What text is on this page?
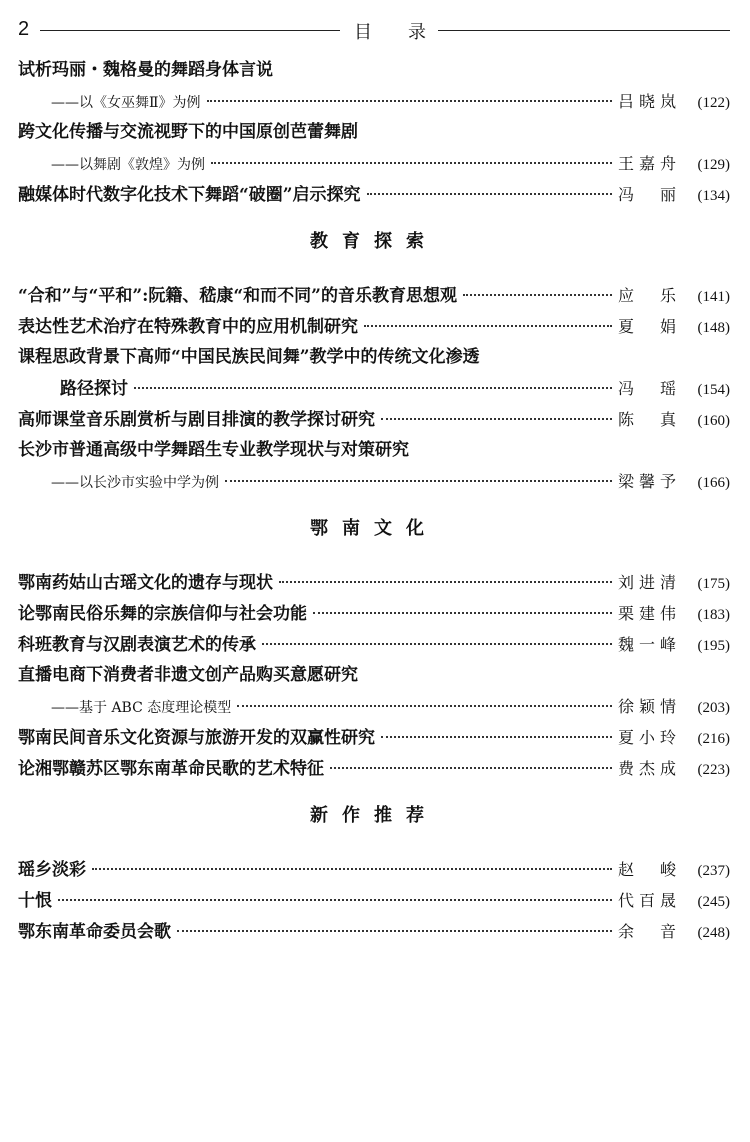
2	目 录
试析玛丽・魏格曼的舞蹈身体言说
——以《女巫舞Ⅱ》为例	吕晓岚	(122)
跨文化传播与交流视野下的中国原创芭蕾舞剧
——以舞剧《敦煌》为例	王嘉舟	(129)
融媒体时代数字化技术下舞蹈“破圈”启示探究	冯　丽	(134)
教育探索
“合和”与“平和”:阮籍、嵇康“和而不同”的音乐教育思想观	应　乐	(141)
表达性艺术治疗在特殊教育中的应用机制研究	夏　娟	(148)
课程思政背景下高师“中国民族民间舞”教学中的传统文化渗透
路径探讨	冯　瑶	(154)
高师课堂音乐剧赏析与剧目排演的教学探讨研究	陈　真	(160)
长沙市普通高级中学舞蹈生专业教学现状与对策研究
——以长沙市实验中学为例	梁馨予	(166)
鄂南文化
鄂南药姑山古瑶文化的遗存与现状	刘进清	(175)
论鄂南民俗乐舞的宗族信仰与社会功能	栗建伟	(183)
科班教育与汉剧表演艺术的传承	魏一峰	(195)
直播电商下消费者非遗文创产品购买意愿研究
——基于 ABC 态度理论模型	徐颖情	(203)
鄂南民间音乐文化资源与旅游开发的双赢性研究	夏小玲	(216)
论湘鄂赣苏区鄂东南革命民歌的艺术特征	费杰成	(223)
新作推荐
瑶乡淡彩	赵　峻	(237)
十恨	代百晟	(245)
鄂东南革命委员会歌	余　音	(248)
